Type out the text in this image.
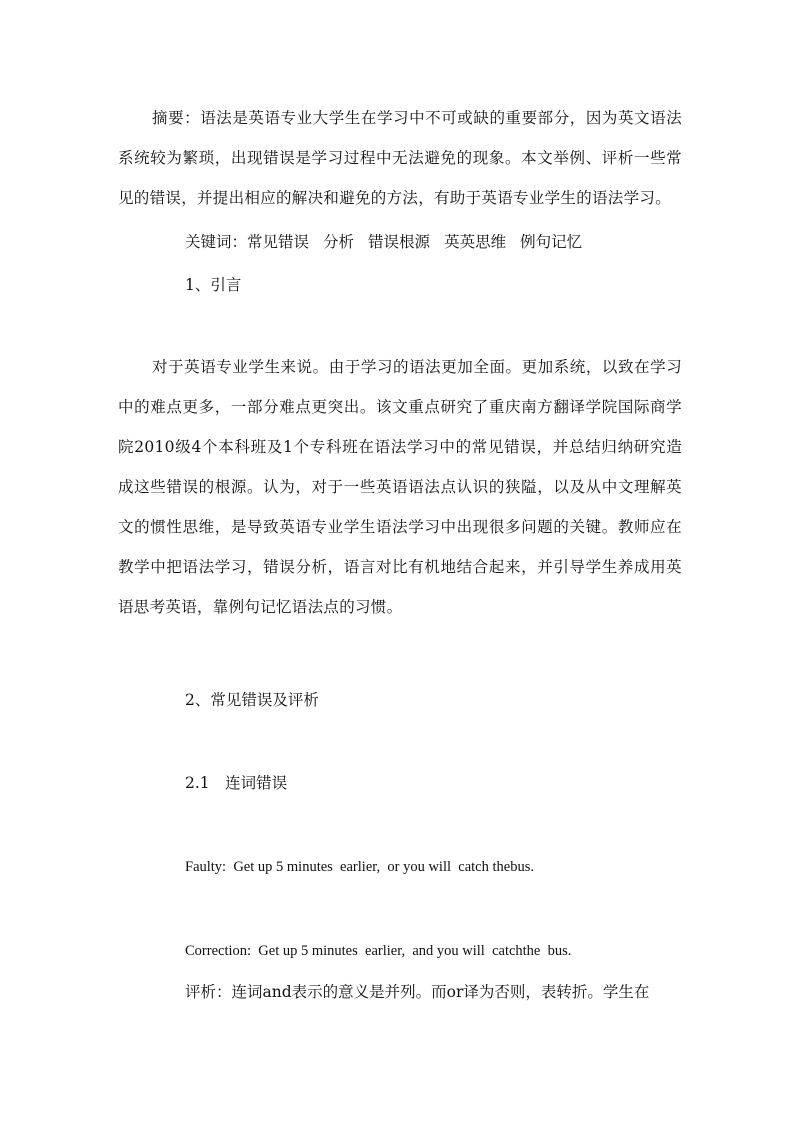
摘要：语法是英语专业大学生在学习中不可或缺的重要部分，因为英文语法系统较为繁琐，出现错误是学习过程中无法避免的现象。本文举例、评析一些常见的错误，并提出相应的解决和避免的方法，有助于英语专业学生的语法学习。

关键词：常见错误 分析 错误根源 英英思维 例句记忆

1、引言

对于英语专业学生来说。由于学习的语法更加全面。更加系统，以致在学习中的难点更多，一部分难点更突出。该文重点研究了重庆南方翻译学院国际商学院2010级4个本科班及1个专科班在语法学习中的常见错误，并总结归纳研究造成这些错误的根源。认为，对于一些英语语法点认识的狭隘，以及从中文理解英文的惯性思维，是导致英语专业学生语法学习中出现很多问题的关键。教师应在教学中把语法学习，错误分析，语言对比有机地结合起来，并引导学生养成用英语思考英语，靠例句记忆语法点的习惯。

2、常见错误及评析

2.1　连词错误

Faulty:  Get up 5 minutes  earlier,  or you will  catch thebus.

Correction:  Get up 5 minutes  earlier,  and you will  catchthe  bus.

评析：连词and表示的意义是并列。而or译为否则，表转折。学生在
